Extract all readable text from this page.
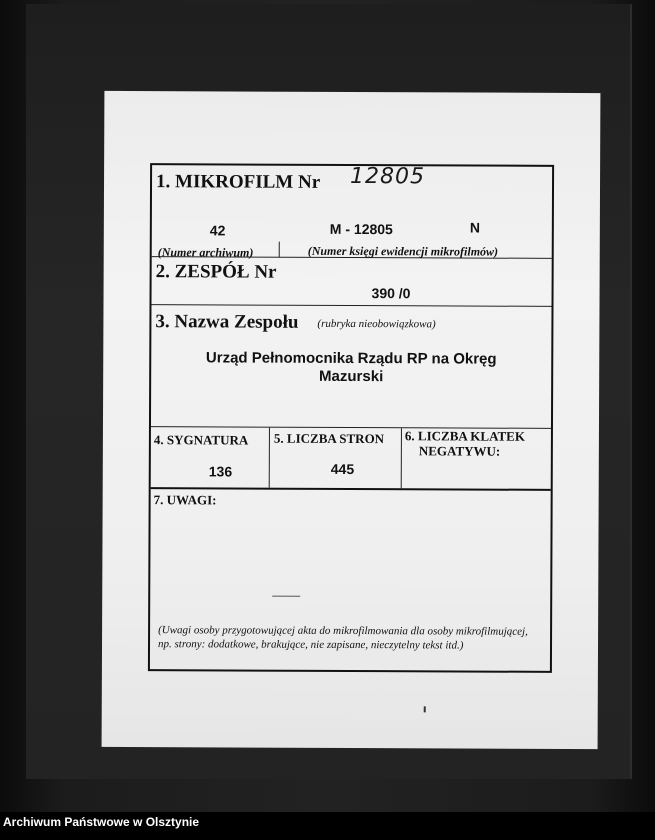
1. MIKROFILM Nr 12805
42	M - 12805	N
(Numer archiwum)	(Numer księgi ewidencji mikrofilmów)
2. ZESPÓŁ Nr
390 /0
3. Nazwa Zespołu (rubryka nieobowiązkowa)
Urząd Pełnomocnika Rządu RP na Okręg
Mazurski
4. SYGNATURA
136
5. LICZBA STRON
445
6. LICZBA KLATEK
NEGATYWU:
7. UWAGI:
(Uwagi osoby przygotowującej akta do mikrofilmowania dla osoby mikrofilmującej,
np. strony: dodatkowe, brakujące, nie zapisane, nieczytelny tekst itd.)
Archiwum Państwowe w Olsztynie
